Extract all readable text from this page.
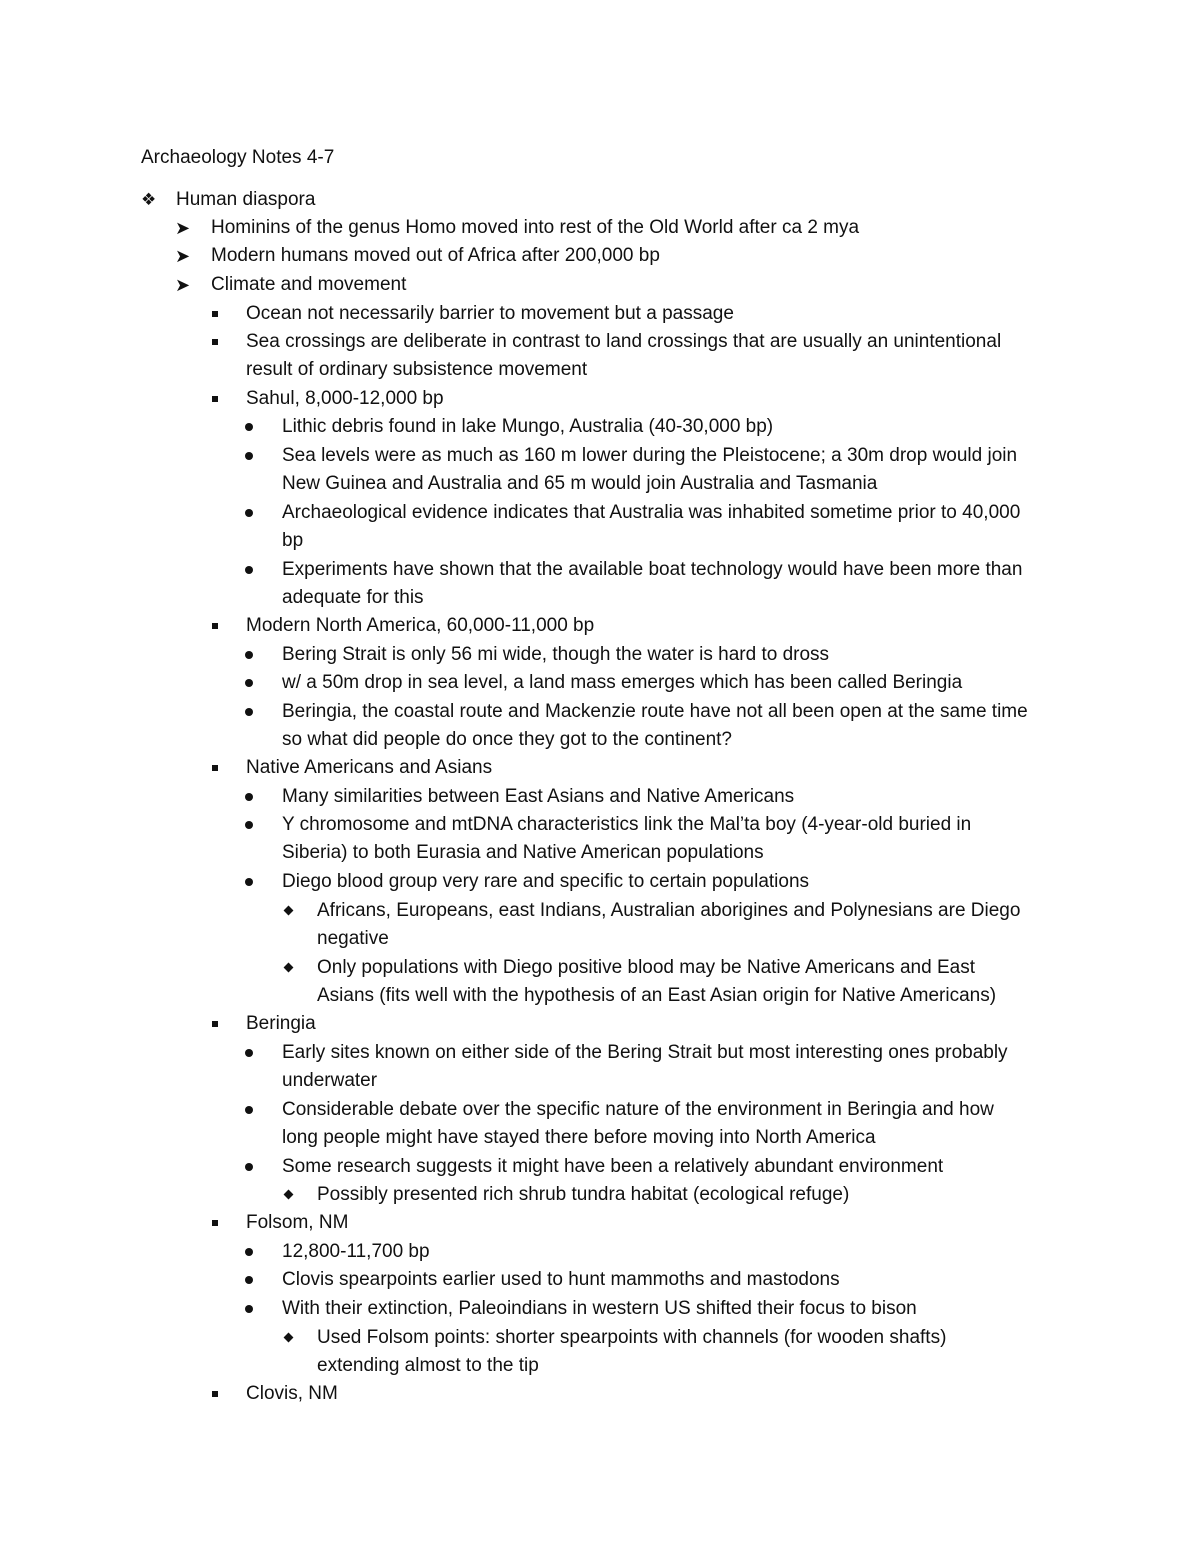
Archaeology Notes 4-7
❖ Human diaspora
➤ Hominins of the genus Homo moved into rest of the Old World after ca 2 mya
➤ Modern humans moved out of Africa after 200,000 bp
➤ Climate and movement
Ocean not necessarily barrier to movement but a passage
Sea crossings are deliberate in contrast to land crossings that are usually an unintentional
result of ordinary subsistence movement
Sahul, 8,000-12,000 bp
Lithic debris found in lake Mungo, Australia (40-30,000 bp)
Sea levels were as much as 160 m lower during the Pleistocene; a 30m drop would join
New Guinea and Australia and 65 m would join Australia and Tasmania
Archaeological evidence indicates that Australia was inhabited sometime prior to 40,000
bp
Experiments have shown that the available boat technology would have been more than
adequate for this
Modern North America, 60,000-11,000 bp
Bering Strait is only 56 mi wide, though the water is hard to dross
w/ a 50m drop in sea level, a land mass emerges which has been called Beringia
Beringia, the coastal route and Mackenzie route have not all been open at the same time
so what did people do once they got to the continent?
Native Americans and Asians
Many similarities between East Asians and Native Americans
Y chromosome and mtDNA characteristics link the Mal’ta boy (4-year-old buried in
Siberia) to both Eurasia and Native American populations
Diego blood group very rare and specific to certain populations
Africans, Europeans, east Indians, Australian aborigines and Polynesians are Diego
negative
Only populations with Diego positive blood may be Native Americans and East
Asians (fits well with the hypothesis of an East Asian origin for Native Americans)
Beringia
Early sites known on either side of the Bering Strait but most interesting ones probably
underwater
Considerable debate over the specific nature of the environment in Beringia and how
long people might have stayed there before moving into North America
Some research suggests it might have been a relatively abundant environment
Possibly presented rich shrub tundra habitat (ecological refuge)
Folsom, NM
12,800-11,700 bp
Clovis spearpoints earlier used to hunt mammoths and mastodons
With their extinction, Paleoindians in western US shifted their focus to bison
Used Folsom points: shorter spearpoints with channels (for wooden shafts)
extending almost to the tip
Clovis, NM
